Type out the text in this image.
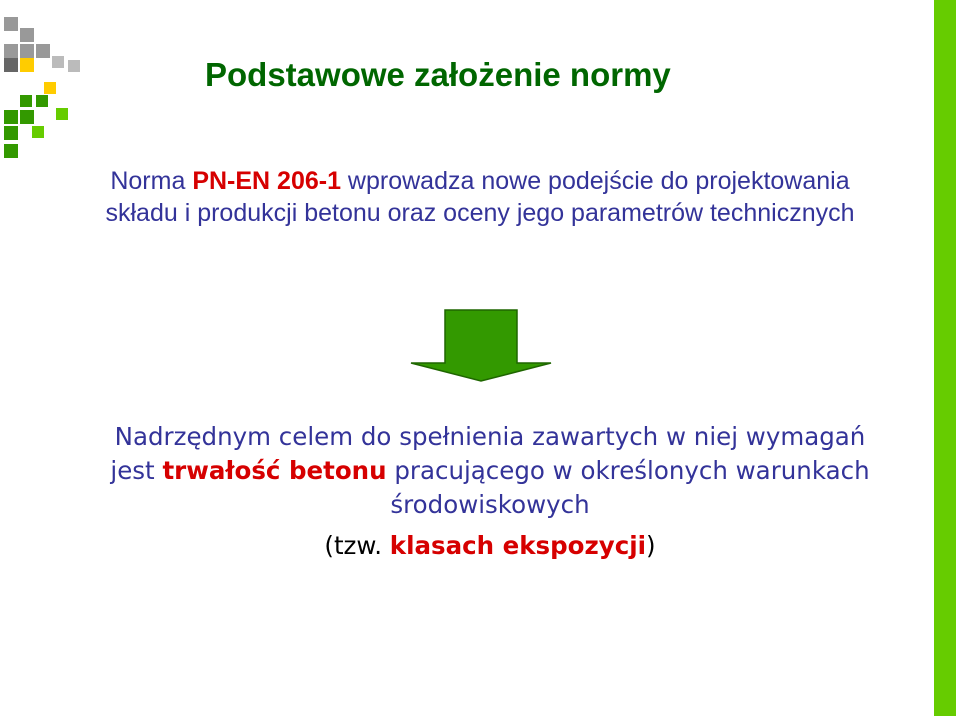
Podstawowe założenie normy

Norma PN-EN 206-1 wprowadza nowe podejście do projektowania składu i produkcji betonu oraz oceny jego parametrów technicznych

Nadrzędnym celem do spełnienia zawartych w niej wymagań jest trwałość betonu pracującego w określonych warunkach środowiskowych

(tzw. klasach ekspozycji)
